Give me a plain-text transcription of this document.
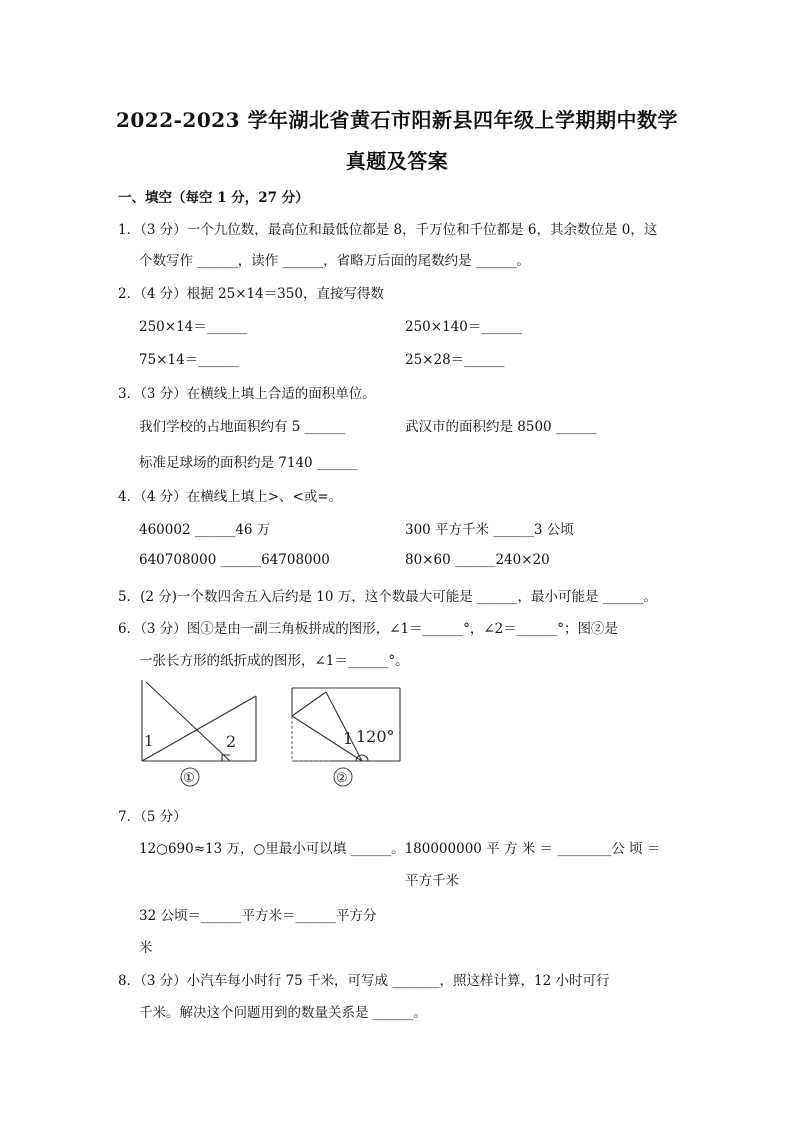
2022-2023 学年湖北省黄石市阳新县四年级上学期期中数学
真题及答案
一、填空（每空 1 分，27 分）
1．（3 分）一个九位数，最高位和最低位都是 8，千万位和千位都是 6，其余数位是 0，这
个数写作 ______，读作 ______，省略万后面的尾数约是 ______。
2．（4 分）根据 25×14＝350，直接写得数
250×14＝______	250×140＝______
75×14＝______	25×28＝______
3．（3 分）在横线上填上合适的面积单位。
我们学校的占地面积约有 5 ______	武汉市的面积约是 8500 ______
标准足球场的面积约是 7140 ______
4．（4 分）在横线上填上>、<或=。
460002 ______46 万	300 平方千米 ______3 公顷
640708000 ______64708000	80×60 ______240×20
5．(2 分)一个数四舍五入后约是 10 万，这个数最大可能是 ______，最小可能是 ______。
6．（3 分）图①是由一副三角板拼成的图形，∠1＝______°，∠2＝______°；图②是
一张长方形的纸折成的图形，∠1＝______°。
1	2
①
1 120°
②
7．（5 分）
12○690≈13 万，○里最小可以填 ______。180000000 平 方 米 ＝ ________公 顷 ＝
平方千米
32 公顷＝______平方米＝______平方分
米
8．（3 分）小汽车每小时行 75 千米，可写成 _______，照这样计算，12 小时可行
千米。解决这个问题用到的数量关系是 ______。
